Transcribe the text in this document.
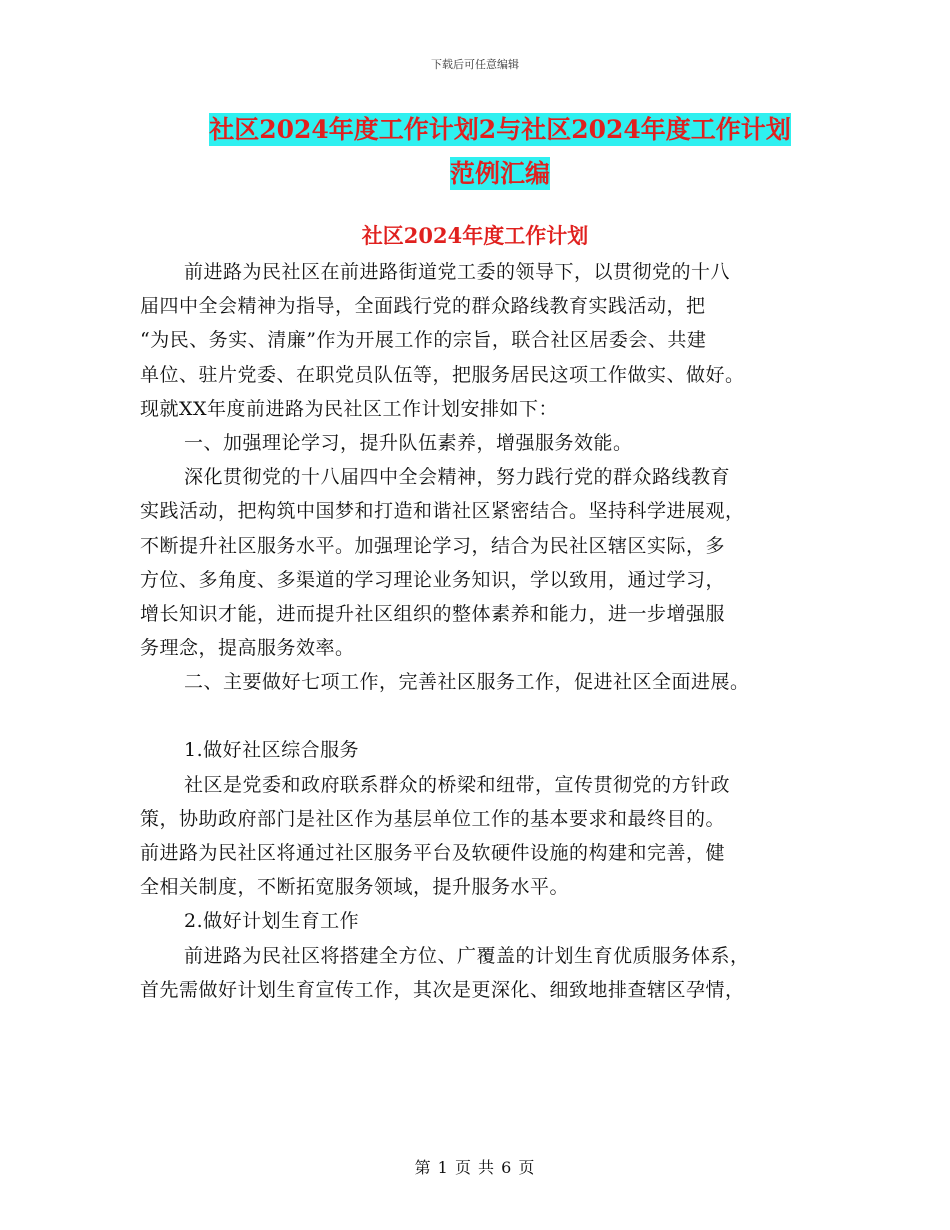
下载后可任意编辑
社区2024年度工作计划2与社区2024年度工作计划
范例汇编
社区2024年度工作计划
前进路为民社区在前进路街道党工委的领导下，以贯彻党的十八
届四中全会精神为指导，全面践行党的群众路线教育实践活动，把
“为民、务实、清廉”作为开展工作的宗旨，联合社区居委会、共建
单位、驻片党委、在职党员队伍等，把服务居民这项工作做实、做好。
现就XX年度前进路为民社区工作计划安排如下：
一、加强理论学习，提升队伍素养，增强服务效能。
深化贯彻党的十八届四中全会精神，努力践行党的群众路线教育
实践活动，把构筑中国梦和打造和谐社区紧密结合。坚持科学进展观，
不断提升社区服务水平。加强理论学习，结合为民社区辖区实际，多
方位、多角度、多渠道的学习理论业务知识，学以致用，通过学习，
增长知识才能，进而提升社区组织的整体素养和能力，进一步增强服
务理念，提高服务效率。
二、主要做好七项工作，完善社区服务工作，促进社区全面进展。
1.做好社区综合服务
社区是党委和政府联系群众的桥梁和纽带，宣传贯彻党的方针政
策，协助政府部门是社区作为基层单位工作的基本要求和最终目的。
前进路为民社区将通过社区服务平台及软硬件设施的构建和完善，健
全相关制度，不断拓宽服务领域，提升服务水平。
2.做好计划生育工作
前进路为民社区将搭建全方位、广覆盖的计划生育优质服务体系，
首先需做好计划生育宣传工作，其次是更深化、细致地排查辖区孕情，
第 1 页 共 6 页
